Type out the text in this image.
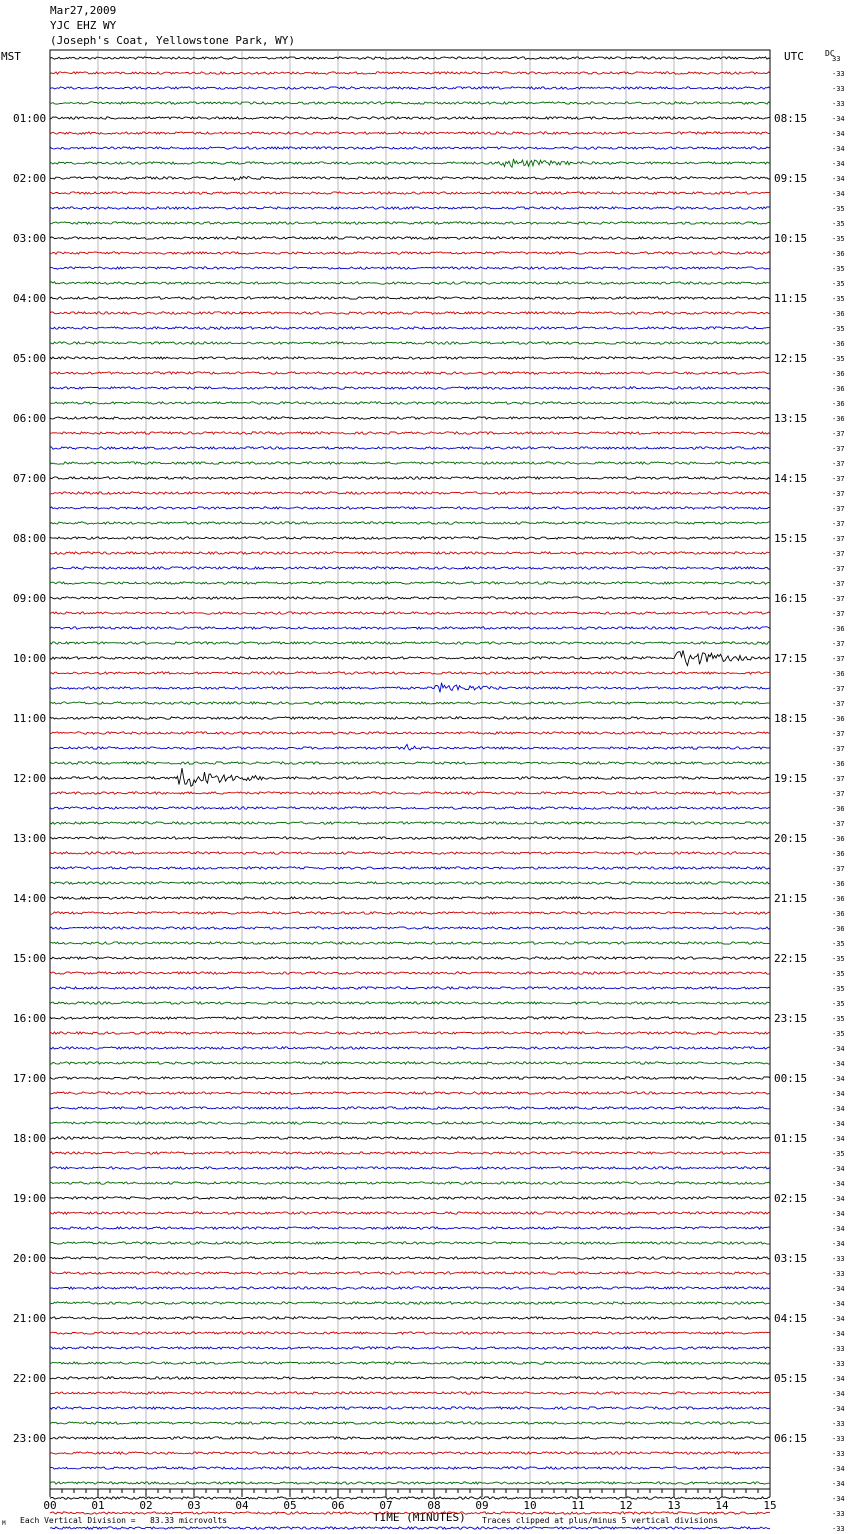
Mar27,2009
YJC EHZ WY
(Joseph's Coat, Yellowstone Park, WY)
MST	UTC	DC
TIME (MINUTES)
Each Vertical Division =   83.33 microvolts	Traces clipped at plus/minus 5 vertical divisions
M
33
-33
-33
-33
-34
-34
-34
-34
-34
-34
-35
-35
-35
-36
-35
-35
-35
-36
-35
-36
-35
-36
-36
-36
-36
-37
-37
-37
-37
-37
-37
-37
-37
-37
-37
-37
-37
-37
-36
-37
-37
-36
-37
-37
-36
-37
-37
-36
-37
-37
-36
-37
-36
-36
-37
-36
-36
-36
-36
-35
-35
-35
-35
-35
-35
-35
-34
-34
-34
-34
-34
-34
-34
-35
-34
-34
-34
-34
-34
-34
-33
-33
-34
-34
-34
-34
-33
-33
-34
-34
-34
-33
-33
-33
-34
-34
-34
-33
-33
01:00
02:00
03:00
04:00
05:00
06:00
07:00
08:00
09:00
10:00
11:00
12:00
13:00
14:00
15:00
16:00
17:00
18:00
19:00
20:00
21:00
22:00
23:00
08:15
09:15
10:15
11:15
12:15
13:15
14:15
15:15
16:15
17:15
18:15
19:15
20:15
21:15
22:15
23:15
00:15
01:15
02:15
03:15
04:15
05:15
06:15
00	01	02	03	04	05	06	07	08	09	10	11	12	13	14	15
